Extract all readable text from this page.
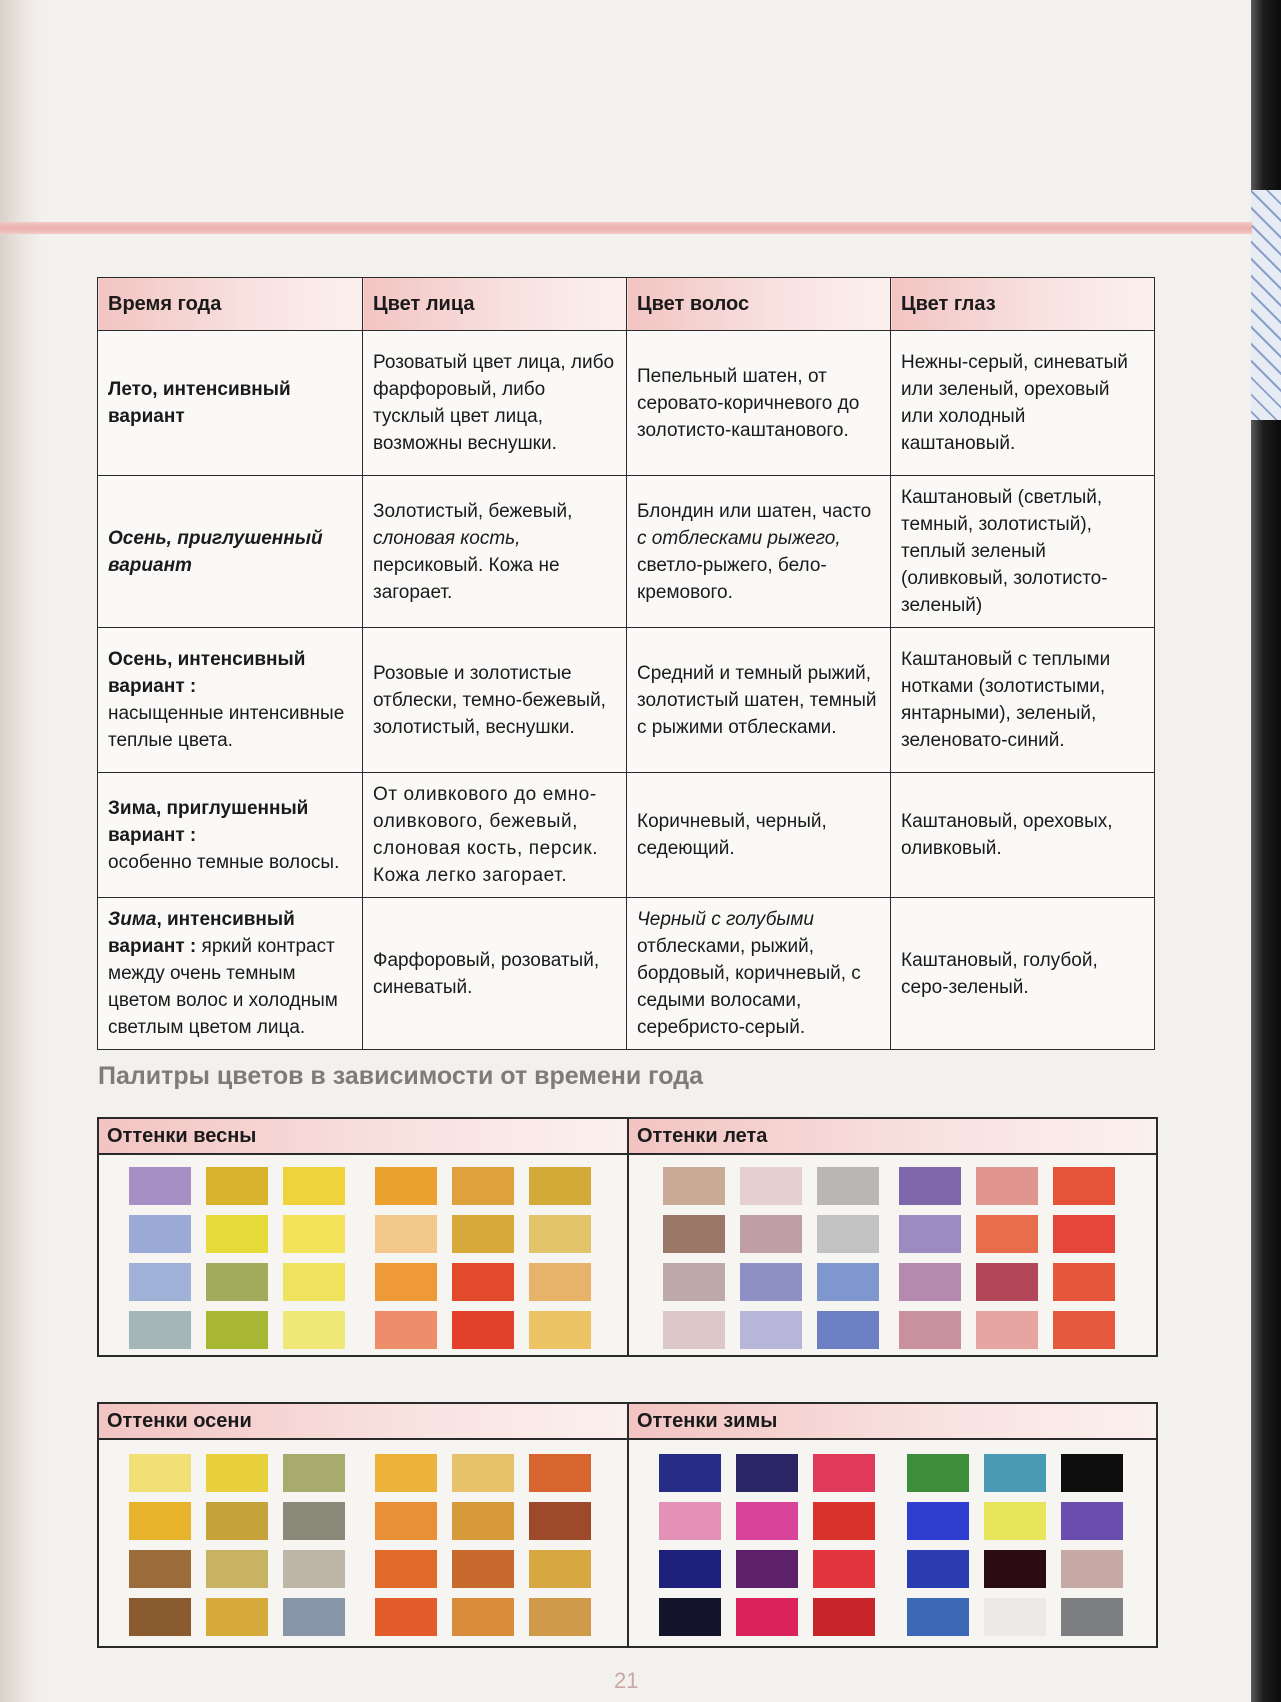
Время года	Цвет лица	Цвет волос	Цвет глаз
Лето, интенсивный вариант	Розоватый цвет лица, либо фарфоровый, либо тусклый цвет лица, возможны веснушки.	Пепельный шатен, от серовато-коричневого до золотисто-каштанового.	Нежны-серый, синеватый или зеленый, ореховый или холодный каштановый.
Осень, приглушенный вариант	Золотистый, бежевый,
слоновая кость,
персиковый. Кожа не загорает.	Блондин или шатен, часто
с отблесками рыжего,
светло-рыжего, бело-кремового.	Каштановый (светлый, темный, золотистый), теплый зеленый (оливковый, золотисто-зеленый)
Осень, интенсивный вариант :
насыщенные интенсивные теплые цвета.	Розовые и золотистые отблески, темно-бежевый, золотистый, веснушки.	Средний и темный рыжий, золотистый шатен, темный с рыжими отблесками.	Каштановый с теплыми нотками (золотистыми, янтарными), зеленый, зеленовато-синий.
Зима, приглушенный вариант :
особенно темные волосы.	От оливкового до емно-оливкового, бежевый, слоновая кость, персик. Кожа легко загорает.	Коричневый, черный, седеющий.	Каштановый, ореховых, оливковый.
Зима, интенсивный вариант : яркий контраст между очень темным цветом волос и холодным светлым цветом лица.	Фарфоровый, розоватый, синеватый.	Черный с голубыми
отблесками, рыжий, бордовый, коричневый, с седыми волосами, серебристо-серый.	Каштановый, голубой, серо-зеленый.
Палитры цветов в зависимости от времени года
Оттенки весны	Оттенки лета
Оттенки осени	Оттенки зимы
21
